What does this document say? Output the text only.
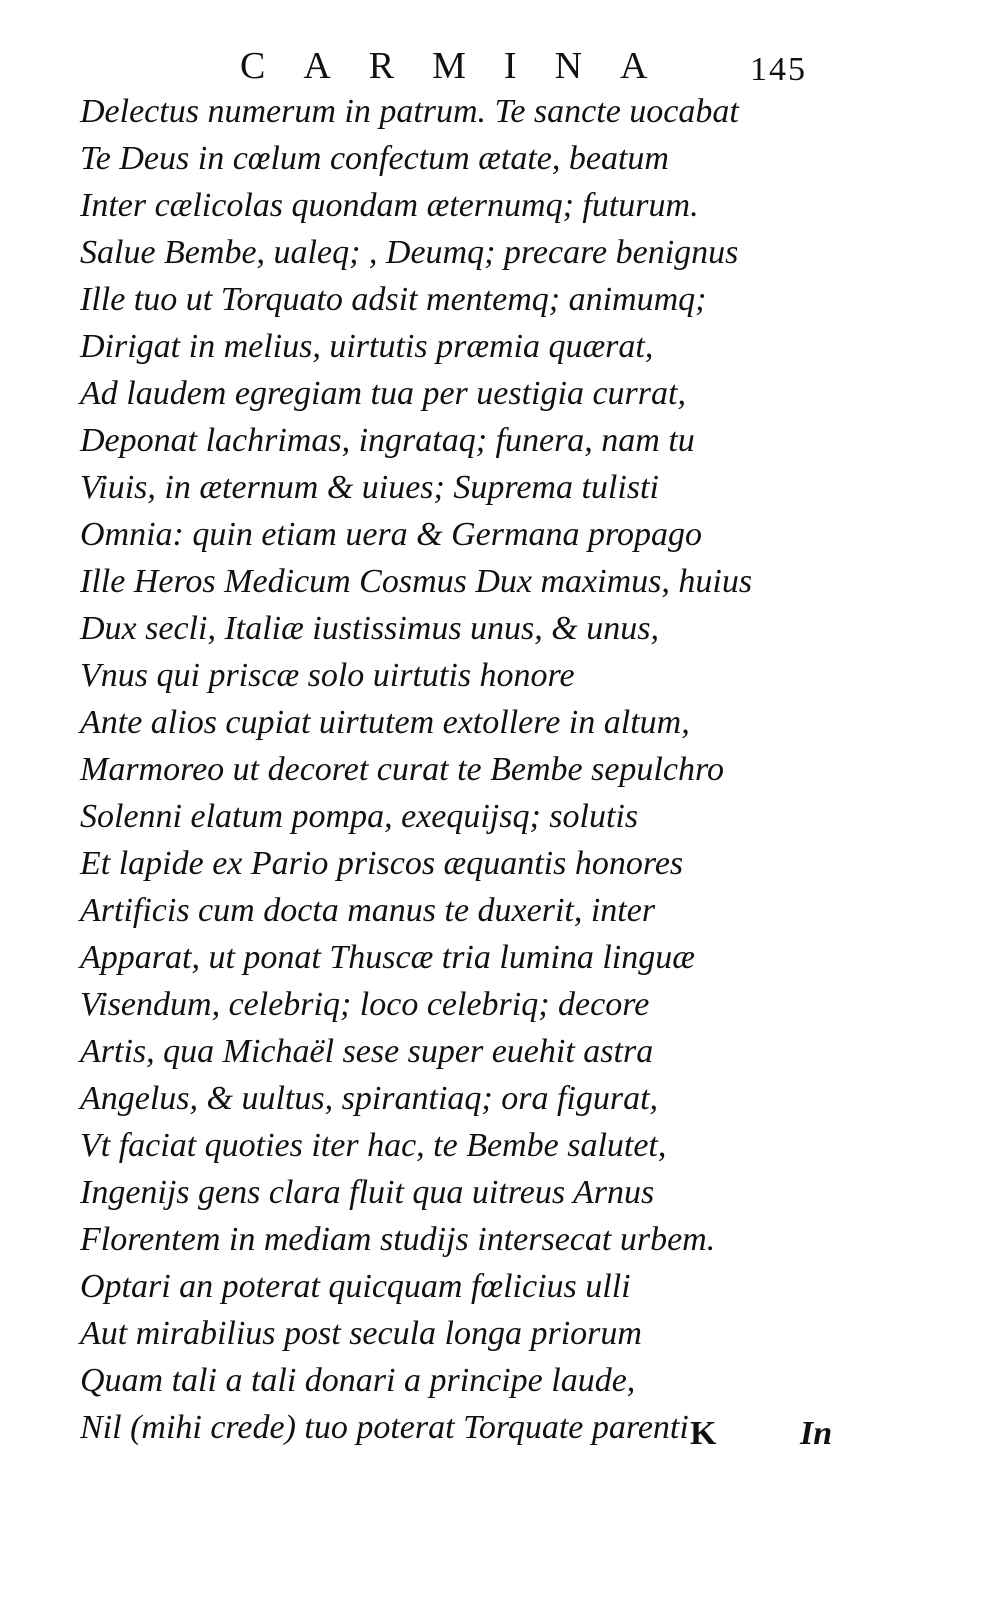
CARMINA 145
Delectus numerum in patrum. Te sancte uocabat
Te Deus in cœlum confectum ætate, beatum
Inter cælicolas quondam æternumq; futurum.
Salue Bembe, ualeq; , Deumq; precare benignus
Ille tuo ut Torquato adsit mentemq; animumq;
Dirigat in melius, uirtutis præmia quærat,
Ad laudem egregiam tua per uestigia currat,
Deponat lachrimas, ingrataq; funera, nam tu
Viuis, in æternum & uiues; Suprema tulisti
Omnia: quin etiam uera & Germana propago
Ille Heros Medicum Cosmus Dux maximus, huius
Dux secli, Italiæ iustissimus unus, & unus,
Vnus qui priscæ solo uirtutis honore
Ante alios cupiat uirtutem extollere in altum,
Marmoreo ut decoret curat te Bembe sepulchro
Solenni elatum pompa, exequijsq; solutis
Et lapide ex Pario priscos æquantis honores
Artificis cum docta manus te duxerit, inter
Apparat, ut ponat Thuscæ tria lumina linguæ
Visendum, celebriq; loco celebriq; decore
Artis, qua Michaël sese super euehit astra
Angelus, & uultus, spirantiaq; ora figurat,
Vt faciat quoties iter hac, te Bembe salutet,
Ingenijs gens clara fluit qua uitreus Arnus
Florentem in mediam studijs intersecat urbem.
Optari an poterat quicquam fœlicius ulli
Aut mirabilius post secula longa priorum
Quam tali a tali donari a principe laude,
Nil (mihi crede) tuo poterat Torquate parenti K In
